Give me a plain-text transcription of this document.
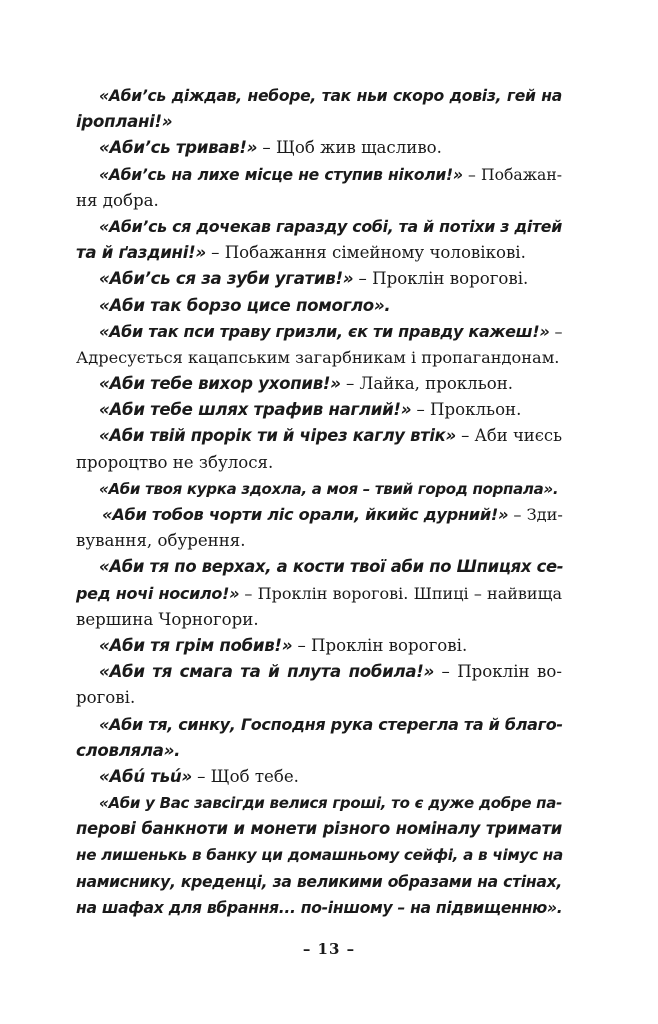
«Аби’сь діждав, неборе, так ньи скоро довіз, гей на
іроплані!»
«Аби’сь тривав!» – Щоб жив щасливо.
«Аби’сь на лихе місце не ступив ніколи!» – Побажан-
ня добра.
«Аби’сь ся дочекав гаразду собі, та й потіхи з дітей
та й ґаздині!» – Побажання сімейному чоловікові.
«Аби’сь ся за зуби угатив!» – Проклін ворогові.
«Аби так борзо цисе помогло».
«Аби так пси траву гризли, єк ти правду кажеш!» –
Адресується кацапським загарбникам і пропагандонам.
«Аби тебе вихор ухопив!» – Лайка, прокльон.
«Аби тебе шлях трафив наглий!» – Прокльон.
«Аби твій прорік ти й чірез каглу втік» – Аби чиєсь
пророцтво не збулося.
«Аби твоя курка здохла, а моя – твий город порпала».
«Аби тобов чорти ліс орали, йкийс дурний!» – Зди-
вування, обурення.
«Аби тя по верхах, а кости твої аби по Шпицях се-
ред ночі носило!» – Проклін ворогові. Шпиці – найвища
вершина Чорногори.
«Аби тя грім побив!» – Проклін ворогові.
«Аби тя смага та й плута побила!» – Проклін во-
рогові.
«Аби тя, синку, Господня рука стерегла та й благо-
словляла».
«Абú тьú» – Щоб тебе.
«Аби у Вас завсігди велися гроші, то є дуже добре па-
перові банкноти и монети різного номіналу тримати
не лишенькь в банку ци домашньому сейфі, а в чімус на
намиснику, креденці, за великими образами на стінах,
на шафах для вбрання... по-іншому – на підвищенню».
– 13 –
